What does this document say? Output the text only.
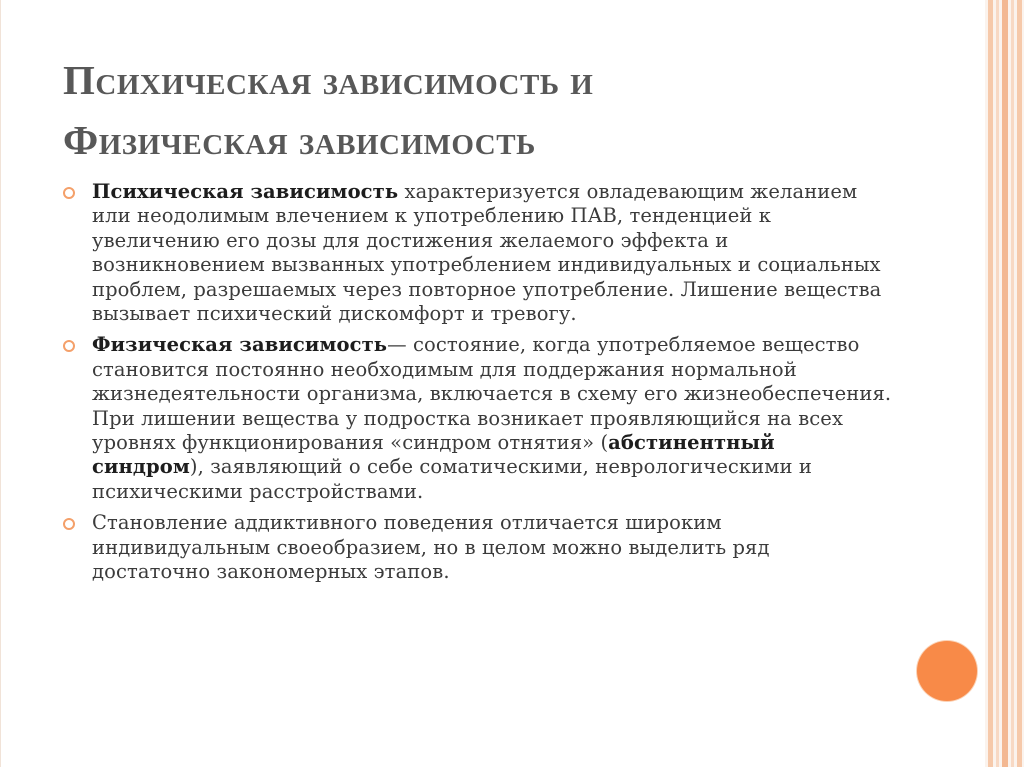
Психическая зависимость и
Физическая зависимость
Психическая зависимость характеризуется овладевающим желанием или неодолимым влечением к употреблению ПАВ, тенденцией к увеличению его дозы для достижения желаемого эффекта и возникновением вызванных употреблением индивидуальных и социальных проблем, разрешаемых через повторное употребление. Лишение вещества вызывает психический дискомфорт и тревогу.
Физическая зависимость— состояние, когда употребляемое вещество становится постоянно необходимым для поддержания нормальной жизнедеятельности организма, включается в схему его жизнеобеспечения. При лишении вещества у подростка возникает проявляющийся на всех уровнях функционирования «синдром отнятия» (абстинентный синдром), заявляющий о себе соматическими, неврологическими и психическими расстройствами.
Становление аддиктивного поведения отличается широким индивидуальным своеобразием, но в целом можно выделить ряд достаточно закономерных этапов.
